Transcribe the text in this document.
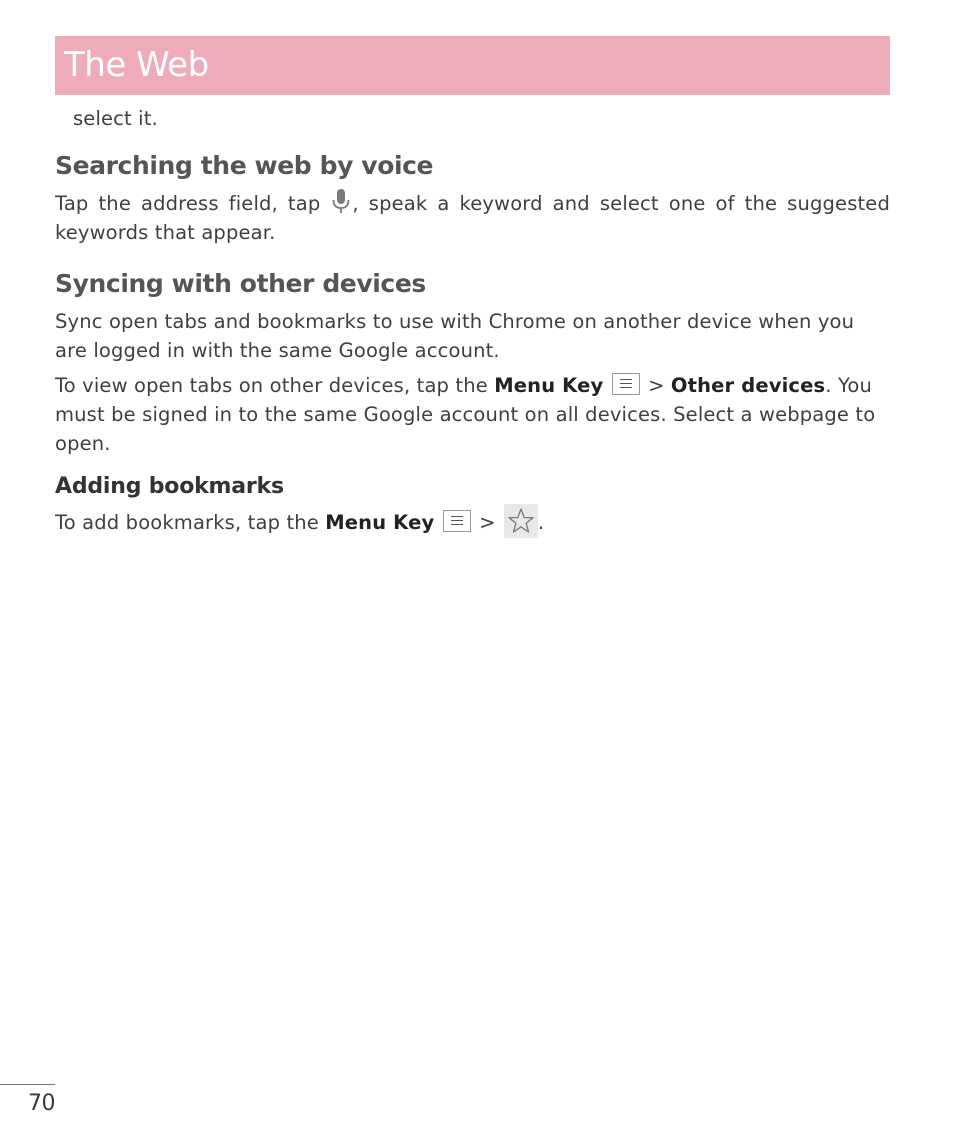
The Web

select it.

Searching the web by voice

Tap the address field, tap , speak a keyword and select one of the suggested keywords that appear.

Syncing with other devices

Sync open tabs and bookmarks to use with Chrome on another device when you are logged in with the same Google account.

To view open tabs on other devices, tap the Menu Key > Other devices. You must be signed in to the same Google account on all devices. Select a webpage to open.

Adding bookmarks

To add bookmarks, tap the Menu Key > .

70
